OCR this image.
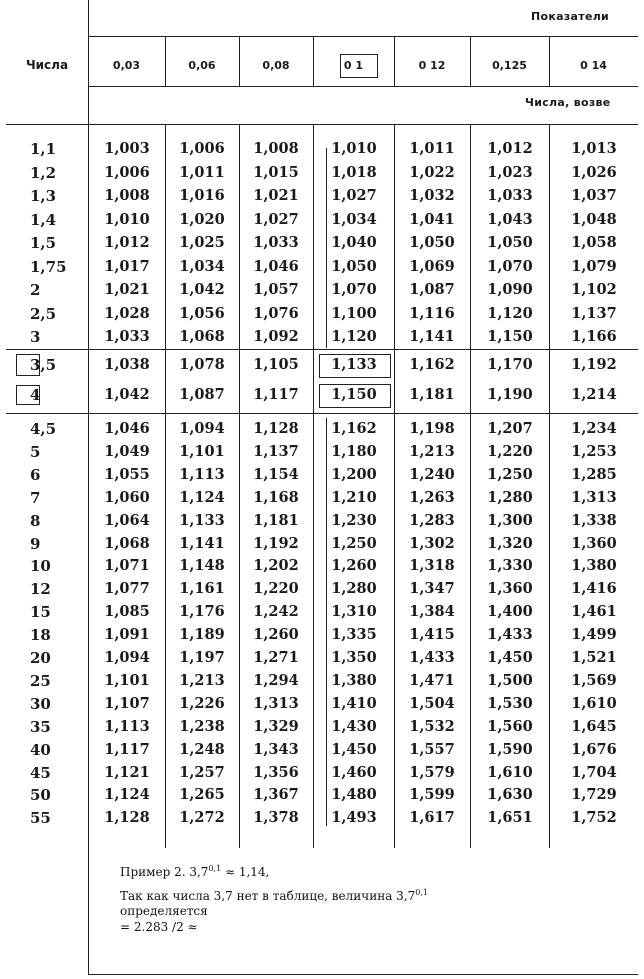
Числа
Показатели
Числа, возве
0,03	0,06	0,08	0 1	0 12	0,125	0 14
1,1	1,003	1,006	1,008	1,010	1,011	1,012	1,013
1,2	1,006	1,011	1,015	1,018	1,022	1,023	1,026
1,3	1,008	1,016	1,021	1,027	1,032	1,033	1,037
1,4	1,010	1,020	1,027	1,034	1,041	1,043	1,048
1,5	1,012	1,025	1,033	1,040	1,050	1,050	1,058
1,75	1,017	1,034	1,046	1,050	1,069	1,070	1,079
2	1,021	1,042	1,057	1,070	1,087	1,090	1,102
2,5	1,028	1,056	1,076	1,100	1,116	1,120	1,137
3	1,033	1,068	1,092	1,120	1,141	1,150	1,166
3,5	1,038	1,078	1,105	1,133	1,162	1,170	1,192
4	1,042	1,087	1,117	1,150	1,181	1,190	1,214
4,5	1,046	1,094	1,128	1,162	1,198	1,207	1,234
5	1,049	1,101	1,137	1,180	1,213	1,220	1,253
6	1,055	1,113	1,154	1,200	1,240	1,250	1,285
7	1,060	1,124	1,168	1,210	1,263	1,280	1,313
8	1,064	1,133	1,181	1,230	1,283	1,300	1,338
9	1,068	1,141	1,192	1,250	1,302	1,320	1,360
10	1,071	1,148	1,202	1,260	1,318	1,330	1,380
12	1,077	1,161	1,220	1,280	1,347	1,360	1,416
15	1,085	1,176	1,242	1,310	1,384	1,400	1,461
18	1,091	1,189	1,260	1,335	1,415	1,433	1,499
20	1,094	1,197	1,271	1,350	1,433	1,450	1,521
25	1,101	1,213	1,294	1,380	1,471	1,500	1,569
30	1,107	1,226	1,313	1,410	1,504	1,530	1,610
35	1,113	1,238	1,329	1,430	1,532	1,560	1,645
40	1,117	1,248	1,343	1,450	1,557	1,590	1,676
45	1,121	1,257	1,356	1,460	1,579	1,610	1,704
50	1,124	1,265	1,367	1,480	1,599	1,630	1,729
55	1,128	1,272	1,378	1,493	1,617	1,651	1,752
Пример 2. $3,7^{0,1} \approx 1,14$,
Так как числа 3,7 нет в таблице, величина 3,7$^{0,1}$
определяется
= 2.283 /2 ≈
